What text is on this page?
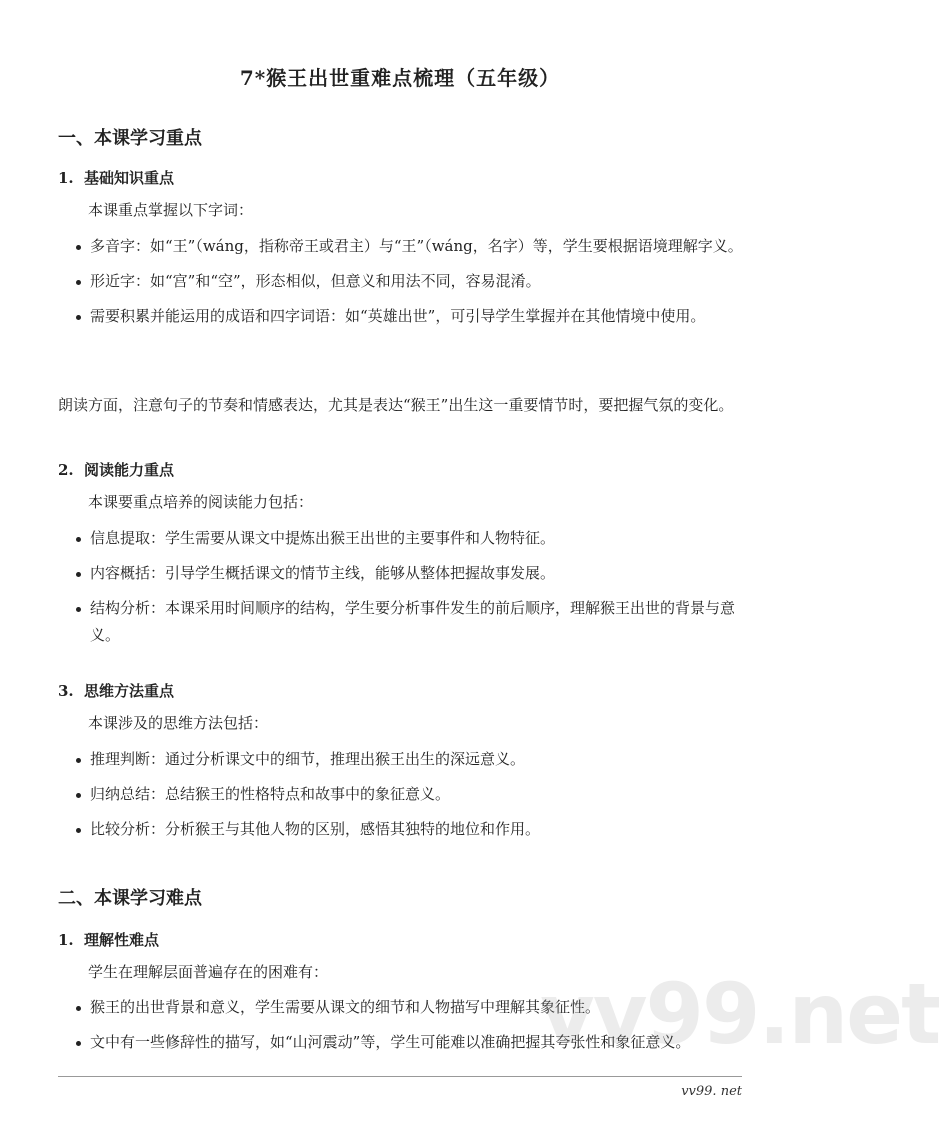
7*猴王出世重难点梳理（五年级）
一、本课学习重点
1. 基础知识重点
本课重点掌握以下字词：
多音字：如“王”（wáng，指称帝王或君主）与“王”（wáng，名字）等，学生要根据语境理解字义。
形近字：如“宫”和“空”，形态相似，但意义和用法不同，容易混淆。
需要积累并能运用的成语和四字词语：如“英雄出世”，可引导学生掌握并在其他情境中使用。
朗读方面，注意句子的节奏和情感表达，尤其是表达“猴王”出生这一重要情节时，要把握气氛的变化。
2. 阅读能力重点
本课要重点培养的阅读能力包括：
信息提取：学生需要从课文中提炼出猴王出世的主要事件和人物特征。
内容概括：引导学生概括课文的情节主线，能够从整体把握故事发展。
结构分析：本课采用时间顺序的结构，学生要分析事件发生的前后顺序，理解猴王出世的背景与意义。
3. 思维方法重点
本课涉及的思维方法包括：
推理判断：通过分析课文中的细节，推理出猴王出生的深远意义。
归纳总结：总结猴王的性格特点和故事中的象征意义。
比较分析：分析猴王与其他人物的区别，感悟其独特的地位和作用。
二、本课学习难点
1. 理解性难点
学生在理解层面普遍存在的困难有：
猴王的出世背景和意义，学生需要从课文的细节和人物描写中理解其象征性。
文中有一些修辞性的描写，如“山河震动”等，学生可能难以准确把握其夸张性和象征意义。
vv99.net
vv99. net
